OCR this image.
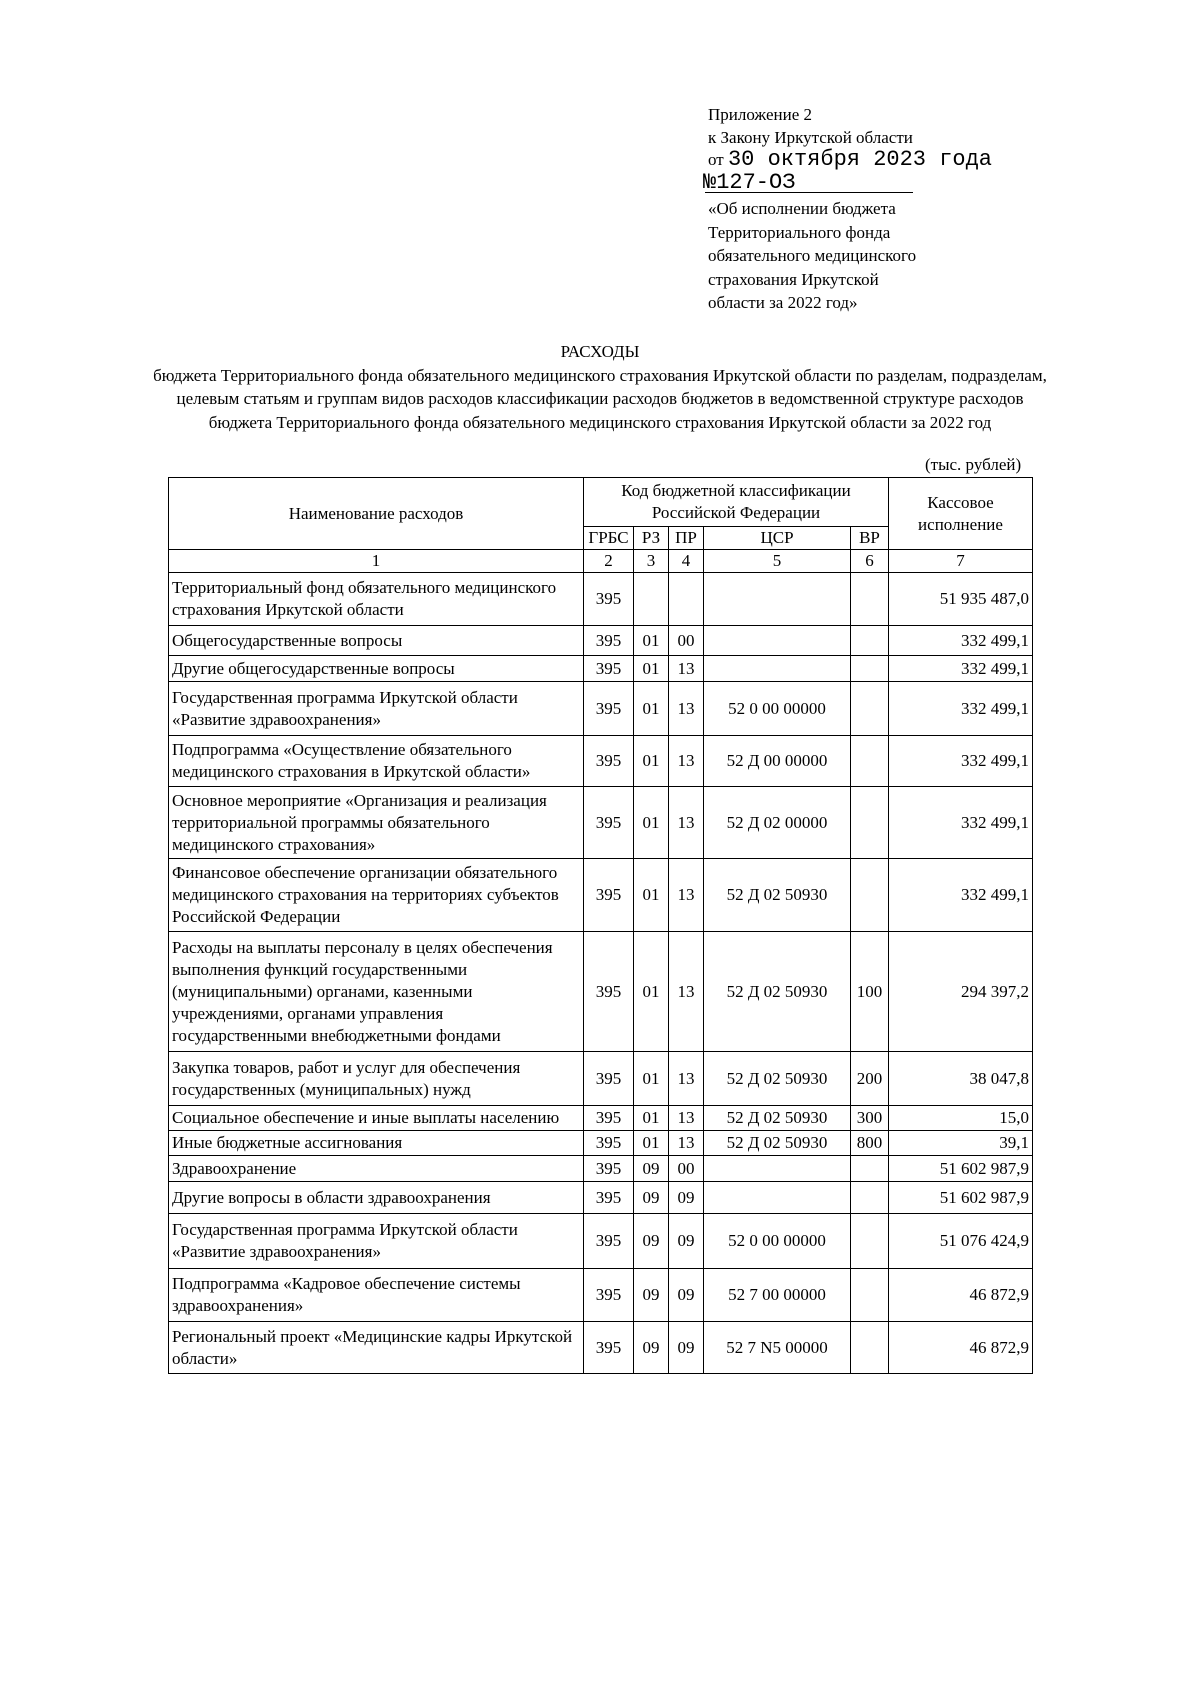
Приложение 2
к Закону Иркутской области
от 30 октября 2023 года
№127-ОЗ
«Об исполнении бюджета
Территориального фонда
обязательного медицинского
страхования Иркутской
области за 2022 год»
РАСХОДЫ
бюджета Территориального фонда обязательного медицинского страхования Иркутской области по разделам, подразделам, целевым статьям и группам видов расходов классификации расходов бюджетов в ведомственной структуре расходов бюджета Территориального фонда обязательного медицинского страхования Иркутской области за 2022 год
(тыс. рублей)
Наименование расходов	Код бюджетной классификации Российской Федерации					Кассовое исполнение
	ГРБС	РЗ	ПР	ЦСР	ВР	
1	2	3	4	5	6	7
Территориальный фонд обязательного медицинского страхования Иркутской области	395					51 935 487,0
Общегосударственные вопросы	395	01	00			332 499,1
Другие общегосударственные вопросы	395	01	13			332 499,1
Государственная программа Иркутской области «Развитие здравоохранения»	395	01	13	52 0 00 00000		332 499,1
Подпрограмма «Осуществление обязательного медицинского страхования в Иркутской области»	395	01	13	52 Д 00 00000		332 499,1
Основное мероприятие «Организация и реализация территориальной программы обязательного медицинского страхования»	395	01	13	52 Д 02 00000		332 499,1
Финансовое обеспечение организации обязательного медицинского страхования на территориях субъектов Российской Федерации	395	01	13	52 Д 02 50930		332 499,1
Расходы на выплаты персоналу в целях обеспечения выполнения функций государственными (муниципальными) органами, казенными учреждениями, органами управления государственными внебюджетными фондами	395	01	13	52 Д 02 50930	100	294 397,2
Закупка товаров, работ и услуг для обеспечения государственных (муниципальных) нужд	395	01	13	52 Д 02 50930	200	38 047,8
Социальное обеспечение и иные выплаты населению	395	01	13	52 Д 02 50930	300	15,0
Иные бюджетные ассигнования	395	01	13	52 Д 02 50930	800	39,1
Здравоохранение	395	09	00			51 602 987,9
Другие вопросы в области здравоохранения	395	09	09			51 602 987,9
Государственная программа Иркутской области «Развитие здравоохранения»	395	09	09	52 0 00 00000		51 076 424,9
Подпрограмма «Кадровое обеспечение системы здравоохранения»	395	09	09	52 7 00 00000		46 872,9
Региональный проект «Медицинские кадры Иркутской области»	395	09	09	52 7 N5 00000		46 872,9
